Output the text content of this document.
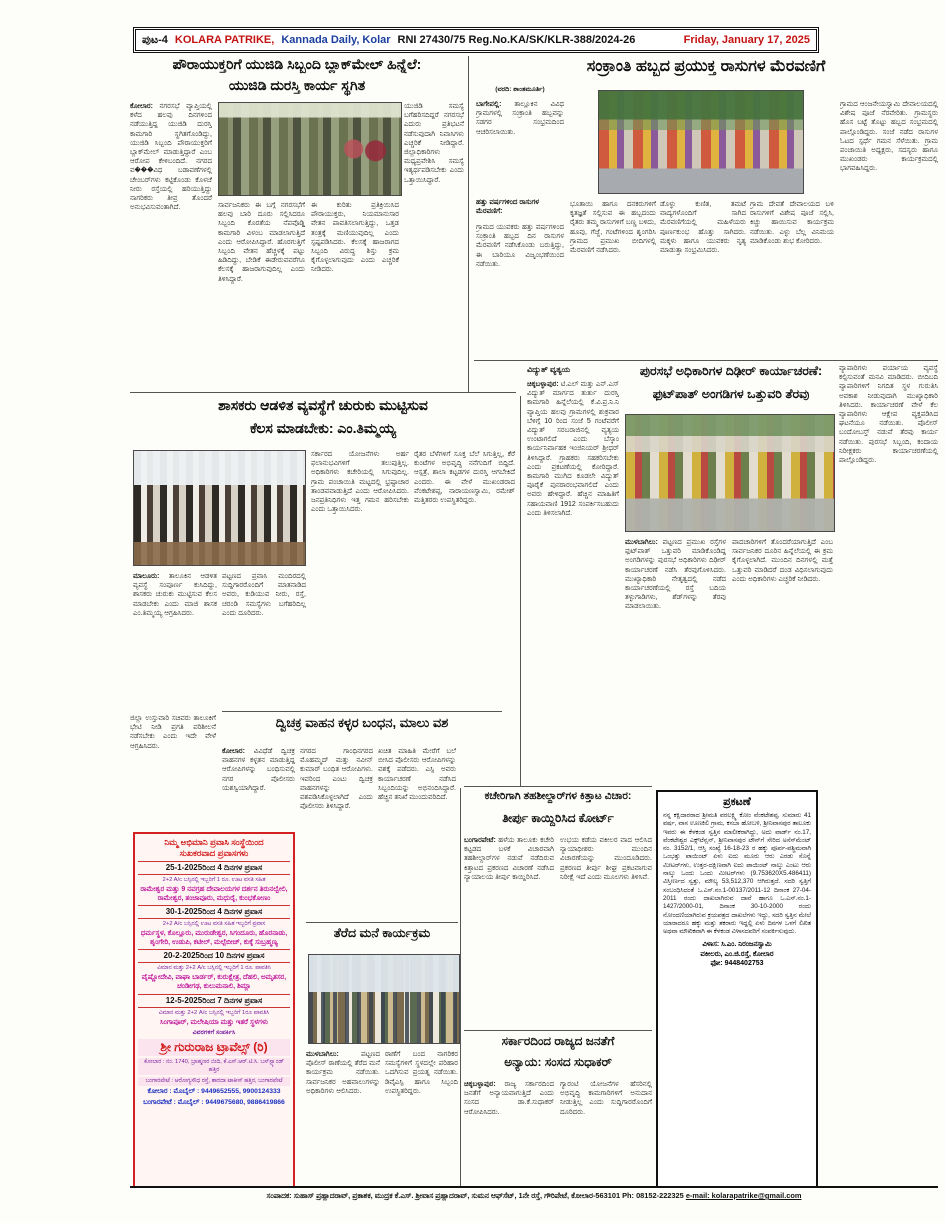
ಪುಟ-4 KOLARA PATRIKE, Kannada Daily, Kolar RNI 27430/75 Reg.No.KA/SK/KLR-388/2024-26	Friday, January 17, 2025
ಪೌರಾಯುಕ್ತರಿಗೆ ಯುಜಿಡಿ ಸಿಬ್ಬಂದಿ ಬ್ಲಾಕ್‌ಮೇಲ್ ಹಿನ್ನೆಲೆ:
ಯುಜಿಡಿ ದುರಸ್ತಿ ಕಾರ್ಯ ಸ್ಥಗಿತ
ಕೋಲಾರ: ನಗರಸಭೆ ವ್ಯಾಪ್ತಿಯಲ್ಲಿ ಕಳೆದ ಹಲವು ದಿನಗಳಿಂದ ನಡೆಯುತ್ತಿದ್ದ ಯುಜಿಡಿ ದುರಸ್ತಿ ಕಾಮಗಾರಿ ಸ್ಥಗಿತಗೊಂಡಿದ್ದು, ಯುಜಿಡಿ ಸಿಬ್ಬಂದಿ ಪೌರಾಯುಕ್ತರಿಗೆ ಬ್ಲಾಕ್‌ಮೇಲ್ ಮಾಡುತ್ತಿದ್ದಾರೆ ಎಂಬ ಆರೋಪ ಕೇಳಿಬಂದಿದೆ. ನಗರದ ವ���ವಿಧ ಬಡಾವಣೆಗಳಲ್ಲಿ ಚೇಂಬರ್‌ಗಳು ಕಟ್ಟಿಕೊಂಡು ಕೊಳಚೆ ನೀರು ರಸ್ತೆಯಲ್ಲಿ ಹರಿಯುತ್ತಿದ್ದು ನಾಗರಿಕರು ತೀವ್ರ ತೊಂದರೆ ಅನುಭವಿಸುವಂತಾಗಿದೆ.	ಸಾರ್ವಜನಿಕರು ಈ ಬಗ್ಗೆ ನಗರಸಭೆಗೆ ಹಲವು ಬಾರಿ ದೂರು ಸಲ್ಲಿಸಿದರೂ ಸಿಬ್ಬಂದಿ ಕೊರತೆಯ ನೆಪವೊಡ್ಡಿ ಕಾಮಗಾರಿ ವಿಳಂಬ ಮಾಡಲಾಗುತ್ತಿದೆ ಎಂದು ಆರೋಪಿಸಿದ್ದಾರೆ. ಹೊರಗುತ್ತಿಗೆ ಸಿಬ್ಬಂದಿ ವೇತನ ಹೆಚ್ಚಳಕ್ಕೆ ಪಟ್ಟು ಹಿಡಿದಿದ್ದು, ಬೇಡಿಕೆ ಈಡೇರುವವರೆಗೂ ಕೆಲಸಕ್ಕೆ ಹಾಜರಾಗುವುದಿಲ್ಲ ಎಂದು ತಿಳಿಸಿದ್ದಾರೆ.
ಈ ಕುರಿತು ಪ್ರತಿಕ್ರಿಯಿಸಿದ ಪೌರಾಯುಕ್ತರು, ನಿಯಮಾನುಸಾರ ವೇತನ ಪಾವತಿಸಲಾಗುತ್ತಿದ್ದು, ಒತ್ತಡ ತಂತ್ರಕ್ಕೆ ಮಣಿಯುವುದಿಲ್ಲ ಎಂದು ಸ್ಪಷ್ಟಪಡಿಸಿದರು. ಕೆಲಸಕ್ಕೆ ಹಾಜರಾಗದ ಸಿಬ್ಬಂದಿ ವಿರುದ್ಧ ಶಿಸ್ತು ಕ್ರಮ ಕೈಗೊಳ್ಳಲಾಗುವುದು ಎಂದು ಎಚ್ಚರಿಕೆ ನೀಡಿದರು.
ಯುಜಿಡಿ ಸಮಸ್ಯೆ ಬಗೆಹರಿಸದಿದ್ದರೆ ನಗರಸಭೆ ಎದುರು ಪ್ರತಿಭಟನೆ ನಡೆಸುವುದಾಗಿ ನಿವಾಸಿಗಳು ಎಚ್ಚರಿಕೆ ನೀಡಿದ್ದಾರೆ. ಜಿಲ್ಲಾಧಿಕಾರಿಗಳು ಮಧ್ಯಪ್ರವೇಶಿಸಿ ಸಮಸ್ಯೆ ಇತ್ಯರ್ಥಪಡಿಸಬೇಕು ಎಂದು ಒತ್ತಾಯಿಸಿದ್ದಾರೆ.
ಸಂಕ್ರಾಂತಿ ಹಬ್ಬದ ಪ್ರಯುಕ್ತ ರಾಸುಗಳ ಮೆರವಣಿಗೆ
(ವರದಿ: ಶಾಂತಮೂರ್ತಿ)
ಬಾಗೇಪಲ್ಲಿ: ತಾಲ್ಲೂಕಿನ ವಿವಿಧ ಗ್ರಾಮಗಳಲ್ಲಿ ಸಂಕ್ರಾಂತಿ ಹಬ್ಬವನ್ನು ಸಡಗರ ಸಂಭ್ರಮದಿಂದ ಆಚರಿಸಲಾಯಿತು.
ಹತ್ತು ವರ್ಷಗಳಿಂದ ರಾಸುಗಳ ಮೆರವಣಿಗೆ:
ಗ್ರಾಮದ ಯುವಕರು ಹತ್ತು ವರ್ಷಗಳಿಂದ ಸಂಕ್ರಾಂತಿ ಹಬ್ಬದ ದಿನ ರಾಸುಗಳ ಮೆರವಣಿಗೆ ನಡೆಸಿಕೊಂಡು ಬರುತ್ತಿದ್ದು, ಈ ಬಾರಿಯೂ ವಿಜೃಂಭಣೆಯಿಂದ ನಡೆಯಿತು.
ಭೂತಾಯಿ ಹಾಗೂ ದನಕರುಗಳಿಗೆ ಕೃತಜ್ಞತೆ ಸಲ್ಲಿಸುವ ಈ ಹಬ್ಬದಂದು ರೈತರು ತಮ್ಮ ರಾಸುಗಳಿಗೆ ಬಣ್ಣ ಬಳಿದು, ಹೂವು, ಗೆಜ್ಜೆ, ಗಂಟೆಗಳಿಂದ ಶೃಂಗರಿಸಿ ಗ್ರಾಮದ ಪ್ರಮುಖ ಬೀದಿಗಳಲ್ಲಿ ಮೆರವಣಿಗೆ ನಡೆಸಿದರು.
ಡೊಳ್ಳು ಕುಣಿತ, ತಮಟೆ ವಾದ್ಯಗಳೊಂದಿಗೆ ಸಾಗಿದ ಮೆರವಣಿಗೆಯಲ್ಲಿ ಮಹಿಳೆಯರು ಪೂರ್ಣಕುಂಭ ಹೊತ್ತು ಸಾಗಿದರು. ಮಕ್ಕಳು ಹಾಗೂ ಯುವಕರು ನೃತ್ಯ ಮಾಡುತ್ತಾ ಸಂಭ್ರಮಿಸಿದರು.
ಗ್ರಾಮ ದೇವತೆ ದೇವಾಲಯದ ಬಳಿ ರಾಸುಗಳಿಗೆ ವಿಶೇಷ ಪೂಜೆ ಸಲ್ಲಿಸಿ, ಕಿಚ್ಚು ಹಾಯಿಸುವ ಕಾರ್ಯಕ್ರಮ ನಡೆಯಿತು. ಎಳ್ಳು ಬೆಲ್ಲ ವಿನಿಮಯ ಮಾಡಿಕೊಂಡು ಶುಭ ಕೋರಿದರು.
ಗ್ರಾಮದ ಆಂಜನೇಯಸ್ವಾಮಿ ದೇವಾಲಯದಲ್ಲಿ ವಿಶೇಷ ಪೂಜೆ ನೆರವೇರಿತು. ಗ್ರಾಮಸ್ಥರು ಹೊಸ ಬಟ್ಟೆ ತೊಟ್ಟು ಹಬ್ಬದ ಸಂಭ್ರಮದಲ್ಲಿ ಪಾಲ್ಗೊಂಡಿದ್ದರು. ಸಂಜೆ ನಡೆದ ರಾಸುಗಳ ಓಟದ ಸ್ಪರ್ಧೆ ಗಮನ ಸೆಳೆಯಿತು. ಗ್ರಾಮ ಪಂಚಾಯಿತಿ ಅಧ್ಯಕ್ಷರು, ಸದಸ್ಯರು ಹಾಗೂ ಮುಖಂಡರು ಕಾರ್ಯಕ್ರಮದಲ್ಲಿ ಭಾಗವಹಿಸಿದ್ದರು.
ವಿದ್ಯುತ್ ವ್ಯತ್ಯಯ
ಚಿಕ್ಕಬಳ್ಳಾಪುರ: ಟಿ.ಎಲ್ ಮತ್ತು ಎನ್.ಎಸ್ ವಿದ್ಯುತ್ ಮಾರ್ಗದ ತುರ್ತು ದುರಸ್ತಿ ಕಾಮಗಾರಿ ಹಿನ್ನೆಲೆಯಲ್ಲಿ ಕೆ.ವಿ.ಪ್ರ.ನಿ.ನಿ ವ್ಯಾಪ್ತಿಯ ಹಲವು ಗ್ರಾಮಗಳಲ್ಲಿ ಶುಕ್ರವಾರ ಬೆಳಿಗ್ಗೆ 10 ರಿಂದ ಸಂಜೆ 5 ಗಂಟೆವರೆಗೆ ವಿದ್ಯುತ್ ಸರಬರಾಜಿನಲ್ಲಿ ವ್ಯತ್ಯಯ ಉಂಟಾಗಲಿದೆ ಎಂದು ಬೆಸ್ಕಾಂ ಕಾರ್ಯನಿರ್ವಾಹಕ ಇಂಜಿನಿಯರ್ ಶ್ರೀಧರ್ ತಿಳಿಸಿದ್ದಾರೆ. ಗ್ರಾಹಕರು ಸಹಕರಿಸಬೇಕು ಎಂದು ಪ್ರಕಟಣೆಯಲ್ಲಿ ಕೋರಿದ್ದಾರೆ. ಕಾಮಗಾರಿ ಮುಗಿದ ಕೂಡಲೇ ವಿದ್ಯುತ್ ಪೂರೈಕೆ ಪುನರಾರಂಭವಾಗಲಿದೆ ಎಂದು ಅವರು ಹೇಳಿದ್ದಾರೆ. ಹೆಚ್ಚಿನ ಮಾಹಿತಿಗೆ ಸಹಾಯವಾಣಿ 1912 ಸಂಪರ್ಕಿಸಬಹುದು ಎಂದು ತಿಳಿಸಲಾಗಿದೆ.
ಪುರಸಭೆ ಅಧಿಕಾರಿಗಳ ದಿಢೀರ್ ಕಾರ್ಯಾಚರಣೆ:
ಫುಟ್‌ಪಾತ್ ಅಂಗಡಿಗಳ ಒತ್ತುವರಿ ತೆರವು
ಮುಳಬಾಗಿಲು: ಪಟ್ಟಣದ ಪ್ರಮುಖ ರಸ್ತೆಗಳ ಫುಟ್‌ಪಾತ್ ಒತ್ತುವರಿ ಮಾಡಿಕೊಂಡಿದ್ದ ಅಂಗಡಿಗಳನ್ನು ಪುರಸಭೆ ಅಧಿಕಾರಿಗಳು ದಿಢೀರ್ ಕಾರ್ಯಾಚರಣೆ ನಡೆಸಿ ತೆರವುಗೊಳಿಸಿದರು. ಮುಖ್ಯಾಧಿಕಾರಿ ನೇತೃತ್ವದಲ್ಲಿ ನಡೆದ ಕಾರ್ಯಾಚರಣೆಯಲ್ಲಿ ರಸ್ತೆ ಬದಿಯ ತಳ್ಳುಗಾಡಿಗಳು, ಶೆಡ್‌ಗಳನ್ನು ತೆರವು ಮಾಡಲಾಯಿತು.
ಪಾದಚಾರಿಗಳಿಗೆ ತೊಂದರೆಯಾಗುತ್ತಿದೆ ಎಂಬ ಸಾರ್ವಜನಿಕರ ದೂರಿನ ಹಿನ್ನೆಲೆಯಲ್ಲಿ ಈ ಕ್ರಮ ಕೈಗೊಳ್ಳಲಾಗಿದೆ. ಮುಂದಿನ ದಿನಗಳಲ್ಲಿ ಮತ್ತೆ ಒತ್ತುವರಿ ಮಾಡಿದರೆ ದಂಡ ವಿಧಿಸಲಾಗುವುದು ಎಂದು ಅಧಿಕಾರಿಗಳು ಎಚ್ಚರಿಕೆ ನೀಡಿದರು.
ವ್ಯಾಪಾರಿಗಳು ಪರ್ಯಾಯ ವ್ಯವಸ್ಥೆ ಕಲ್ಪಿಸುವಂತೆ ಮನವಿ ಮಾಡಿದರು. ಬೀದಿಬದಿ ವ್ಯಾಪಾರಿಗಳಿಗೆ ನಿಗದಿತ ಸ್ಥಳ ಗುರುತಿಸಿ ಅವಕಾಶ ನೀಡುವುದಾಗಿ ಮುಖ್ಯಾಧಿಕಾರಿ ತಿಳಿಸಿದರು. ಕಾರ್ಯಾಚರಣೆ ವೇಳೆ ಕೆಲ ವ್ಯಾಪಾರಿಗಳು ಆಕ್ಷೇಪ ವ್ಯಕ್ತಪಡಿಸಿದ ಘಟನೆಯೂ ನಡೆಯಿತು. ಪೊಲೀಸ್ ಬಂದೋಬಸ್ತ್ ನಡುವೆ ತೆರವು ಕಾರ್ಯ ನಡೆಯಿತು. ಪುರಸಭೆ ಸಿಬ್ಬಂದಿ, ಕಂದಾಯ ನಿರೀಕ್ಷಕರು ಕಾರ್ಯಾಚರಣೆಯಲ್ಲಿ ಪಾಲ್ಗೊಂಡಿದ್ದರು.
ಶಾಸಕರು ಆಡಳಿತ ವ್ಯವಸ್ಥೆಗೆ ಚುರುಕು ಮುಟ್ಟಿಸುವ
ಕೆಲಸ ಮಾಡಬೇಕು: ಎಂ.ತಿಮ್ಮಯ್ಯ
ಮಾಲೂರು: ತಾಲೂಕಿನ ಆಡಳಿತ ವ್ಯವಸ್ಥೆ ಸಂಪೂರ್ಣ ಕುಸಿದಿದ್ದು, ಶಾಸಕರು ಚುರುಕು ಮುಟ್ಟಿಸುವ ಕೆಲಸ ಮಾಡಬೇಕು ಎಂದು ಮಾಜಿ ಶಾಸಕ ಎಂ.ತಿಮ್ಮಯ್ಯ ಆಗ್ರಹಿಸಿದರು.
ಪಟ್ಟಣದ ಪ್ರವಾಸಿ ಮಂದಿರದಲ್ಲಿ ಸುದ್ದಿಗಾರರೊಂದಿಗೆ ಮಾತನಾಡಿದ ಅವರು, ಕುಡಿಯುವ ನೀರು, ರಸ್ತೆ, ಚರಂಡಿ ಸಮಸ್ಯೆಗಳು ಬಗೆಹರಿದಿಲ್ಲ ಎಂದು ದೂರಿದರು.
ಸರ್ಕಾರದ ಯೋಜನೆಗಳು ಅರ್ಹ ಫಲಾನುಭವಿಗಳಿಗೆ ತಲುಪುತ್ತಿಲ್ಲ. ಅಧಿಕಾರಿಗಳು ಕಚೇರಿಯಲ್ಲಿ ಸಿಗುವುದಿಲ್ಲ. ಗ್ರಾಮ ಪಂಚಾಯಿತಿ ಮಟ್ಟದಲ್ಲಿ ಭ್ರಷ್ಟಾಚಾರ ತಾಂಡವವಾಡುತ್ತಿದೆ ಎಂದು ಆರೋಪಿಸಿದರು. ಜನಪ್ರತಿನಿಧಿಗಳು ಇತ್ತ ಗಮನ ಹರಿಸಬೇಕು ಎಂದು ಒತ್ತಾಯಿಸಿದರು.
ರೈತರ ಬೆಳೆಗಳಿಗೆ ಸೂಕ್ತ ಬೆಲೆ ಸಿಗುತ್ತಿಲ್ಲ, ಕೆರೆ ಕುಂಟೆಗಳ ಅಭಿವೃದ್ಧಿ ನನೆಗುದಿಗೆ ಬಿದ್ದಿದೆ. ಆಸ್ಪತ್ರೆ, ಶಾಲಾ ಕಟ್ಟಡಗಳ ದುರಸ್ತಿ ಆಗಬೇಕಿದೆ ಎಂದರು. ಈ ವೇಳೆ ಮುಖಂಡರಾದ ವೆಂಕಟೇಶಪ್ಪ, ನಾರಾಯಣಸ್ವಾಮಿ, ರಮೇಶ್ ಮತ್ತಿತರರು ಉಪಸ್ಥಿತರಿದ್ದರು.
ಜಿಲ್ಲಾ ಉಸ್ತುವಾರಿ ಸಚಿವರು ತಾಲೂಕಿಗೆ ಭೇಟಿ ನೀಡಿ ಪ್ರಗತಿ ಪರಿಶೀಲನೆ ನಡೆಸಬೇಕು ಎಂದು ಇದೇ ವೇಳೆ ಆಗ್ರಹಿಸಿದರು.
ದ್ವಿಚಕ್ರ ವಾಹನ ಕಳ್ಳರ ಬಂಧನ, ಮಾಲು ವಶ
ಕೋಲಾರ: ವಿವಿಧೆಡೆ ದ್ವಿಚಕ್ರ ವಾಹನಗಳ ಕಳ್ಳತನ ಮಾಡುತ್ತಿದ್ದ ಆರೋಪಿಗಳನ್ನು ಬಂಧಿಸುವಲ್ಲಿ ನಗರ ಪೊಲೀಸರು ಯಶಸ್ವಿಯಾಗಿದ್ದಾರೆ.
ನಗರದ ಗಾಂಧಿನಗರದ ಮೊಹಮ್ಮದ್ ಮತ್ತು ನವೀನ್ ಕುಮಾರ್ ಬಂಧಿತ ಆರೋಪಿಗಳು. ಇವರಿಂದ ಎಂಟು ದ್ವಿಚಕ್ರ ವಾಹನಗಳನ್ನು ವಶಪಡಿಸಿಕೊಳ್ಳಲಾಗಿದೆ ಎಂದು ಪೊಲೀಸರು ತಿಳಿಸಿದ್ದಾರೆ.
ಖಚಿತ ಮಾಹಿತಿ ಮೇರೆಗೆ ಬಲೆ ಬೀಸಿದ ಪೊಲೀಸರು ಆರೋಪಿಗಳನ್ನು ವಶಕ್ಕೆ ಪಡೆದರು. ಎಸ್ಪಿ ಅವರು ಕಾರ್ಯಾಚರಣೆ ನಡೆಸಿದ ಸಿಬ್ಬಂದಿಯನ್ನು ಅಭಿನಂದಿಸಿದ್ದಾರೆ. ಹೆಚ್ಚಿನ ತನಿಖೆ ಮುಂದುವರಿದಿದೆ.
ತೆರೆದ ಮನೆ ಕಾರ್ಯಕ್ರಮ
ಮುಳಬಾಗಿಲು:	ಪಟ್ಟಣದ ಪೊಲೀಸ್ ಠಾಣೆಯಲ್ಲಿ ತೆರೆದ ಮನೆ ಕಾರ್ಯಕ್ರಮ ನಡೆಯಿತು. ಸಾರ್ವಜನಿಕರ ಅಹವಾಲುಗಳನ್ನು ಅಧಿಕಾರಿಗಳು ಆಲಿಸಿದರು.
ಠಾಣೆಗೆ ಬಂದ ನಾಗರಿಕರ ಸಮಸ್ಯೆಗಳಿಗೆ ಸ್ಥಳದಲ್ಲೇ ಪರಿಹಾರ ಒದಗಿಸುವ ಪ್ರಯತ್ನ ನಡೆಯಿತು. ಡಿವೈಎಸ್ಪಿ ಹಾಗೂ ಸಿಬ್ಬಂದಿ ಉಪಸ್ಥಿತರಿದ್ದರು.
ಕಚೇರಿಗಾಗಿ ತಹಶೀಲ್ದಾರ್‌ಗಳ ಕಿತ್ತಾಟ ವಿಚಾರ:
ತೀರ್ಪು ಕಾಯ್ದಿರಿಸಿದ ಕೋರ್ಟ್
ಬಂಗಾರಪೇಟೆ: ಹಳೆಯ ತಾಲೂಕು ಕಚೇರಿ ಕಟ್ಟಡದ ಬಳಕೆ ವಿಚಾರವಾಗಿ ತಹಶೀಲ್ದಾರ್‌ಗಳ ನಡುವೆ ನಡೆದಿರುವ ಕಿತ್ತಾಟದ ಪ್ರಕರಣದ ವಿಚಾರಣೆ ನಡೆಸಿದ ನ್ಯಾಯಾಲಯ ತೀರ್ಪು ಕಾಯ್ದಿರಿಸಿದೆ.
ಉಭಯ ಕಡೆಯ ವಕೀಲರ ವಾದ ಆಲಿಸಿದ ನ್ಯಾಯಾಧೀಶರು ಮುಂದಿನ ವಿಚಾರಣೆಯನ್ನು ಮುಂದೂಡಿದರು. ಪ್ರಕರಣದ ತೀರ್ಪು ಶೀಘ್ರ ಪ್ರಕಟವಾಗುವ ನಿರೀಕ್ಷೆ ಇದೆ ಎಂದು ಮೂಲಗಳು ತಿಳಿಸಿವೆ.
ಸರ್ಕಾರದಿಂದ ರಾಜ್ಯದ ಜನತೆಗೆ
ಅನ್ಯಾಯ: ಸಂಸದ ಸುಧಾಕರ್
ಚಿಕ್ಕಬಳ್ಳಾಪುರ: ರಾಜ್ಯ ಸರ್ಕಾರದಿಂದ ಜನತೆಗೆ ಅನ್ಯಾಯವಾಗುತ್ತಿದೆ ಎಂದು ಸಂಸದ ಡಾ.ಕೆ.ಸುಧಾಕರ್ ಆರೋಪಿಸಿದರು.
ಗ್ಯಾರಂಟಿ ಯೋಜನೆಗಳ ಹೆಸರಿನಲ್ಲಿ ಅಭಿವೃದ್ಧಿ ಕಾಮಗಾರಿಗಳಿಗೆ ಅನುದಾನ ನೀಡುತ್ತಿಲ್ಲ ಎಂದು ಸುದ್ದಿಗಾರರೊಂದಿಗೆ ದೂರಿದರು.
ನಿಮ್ಮ ಅಭಿಮಾನಿ ಪ್ರವಾಸಿ ಸಂಸ್ಥೆಯಿಂದ
ಸುಖಕರವಾದ ಪ್ರವಾಸಗಳು
25-1-2025ರಿಂದ 4 ದಿನಗಳ ಪ್ರವಾಸ
2+2 A/c ಬಸ್ಸಿನಲ್ಲಿ ಇಬ್ಬರಿಗೆ 1 ರೂ. ಊಟ ವಸತಿ ಸಹಿತ
ರಾಮೇಶ್ವರ ಮತ್ತು 9 ನವಗ್ರಹ ದೇವಾಲಯಗಳ ದರ್ಶನ ತಿರುನಲ್ವೇಲಿ, ರಾಮೇಶ್ವರ, ತಂಜಾವೂರು, ಮಧುರೈ, ಕುಂಭಕೋಣಂ
30-1-2025ರಿಂದ 4 ದಿನಗಳ ಪ್ರವಾಸ
2+2 A/c ಬಸ್ಸಿನಲ್ಲಿ ಊಟ ವಸತಿ ಸಹಿತ ಇಬ್ಬರಿಗೆ ಪ್ರವಾಸ
ಧರ್ಮಸ್ಥಳ, ಕೊಲ್ಲೂರು, ಮುರುಡೇಶ್ವರ, ಸಿಗಂದೂರು, ಹೊರನಾಡು, ಶೃಂಗೇರಿ, ಉಡುಪಿ, ಕಟೀಲ್, ಮಲ್ಪೆಬೀಚ್, ಕುಕ್ಕೆ ಸುಬ್ರಹ್ಮಣ್ಯ
20-2-2025ರಿಂದ 10 ದಿನಗಳ ಪ್ರವಾಸ
ವಿಮಾನ ಮತ್ತು 2+2 A/c ಬಸ್ಸಿನಲ್ಲಿ ಇಬ್ಬರಿಗೆ 1 ರೂ. ಪಾವತಿಸಿ
ವೈಷ್ಣೋದೇವಿ, ವಾಘಾ ಬಾರ್ಡರ್, ಕುರುಕ್ಷೇತ್ರ, ದೆಹಲಿ, ಅಮೃತಸರ, ಚಂಡೀಗಢ, ಕುಲುಮನಾಲಿ, ಶಿಮ್ಲಾ
12-5-2025ರಿಂದ 7 ದಿನಗಳ ಪ್ರವಾಸ
ವಿಮಾನ ಮತ್ತು 2+2 A/c ಬಸ್ಸಿನಲ್ಲಿ ಇಬ್ಬರಿಗೆ 1ರೂ ಪಾವತಿಸಿ
ಸಿಂಗಾಪೂರ್, ಮಲೇಷಿಯಾ ಮತ್ತು ಇತರೆ ಸ್ಥಳಗಳು
ವಿವರಗಳಿಗೆ ಸಂಪರ್ಕಿಸಿ
ಶ್ರೀ ಗುರುರಾಜ ಟ್ರಾವೆಲ್ಸ್ (ರಿ)
ಕೋಲಾರ : ನಂ. 1740, ಬ್ರಾಹ್ಮಣರ ಬೀದಿ, ಕೆ.ಎಸ್.ಆರ್.ಟಿ.ಸಿ. ಬಸ್‌ಸ್ಟ್ಯಾಂಡ್ ಹತ್ತಿರ
ಬಂಗಾರಪೇಟೆ : ಆರೋಗ್ಯಸೌಧ ರಸ್ತೆ, ಶಾರದಾ ಟಾಕೀಸ್ ಹತ್ತಿರ, ಬಂಗಾರಪೇಟೆ
ಕೋಲಾರ : ಮೊಬೈಲ್ : 9449652555, 9900124333
ಬಂಗಾರಪೇಟೆ : ಮೊಬೈಲ್ : 9449675680, 9886419866
ಪ್ರಕಟಣೆ
ನನ್ನ ಕಕ್ಷಿದಾರರಾದ ಶ್ರೀಮತಿ ವರಲಕ್ಷ್ಮಿ ಕೋಂ ವೆಂಕಟೇಶಪ್ಪ, ಸುಮಾರು 41 ವರ್ಷ, ವಾಸ ಊಣಕಿಲಿ ಗ್ರಾಮ, ಕಸಬಾ ಹೋಬಳಿ, ಶ್ರೀನಿವಾಸಪುರ ತಾಲೂಕು ಇವರು ಈ ಕೆಳಕಂಡ ಸ್ವತ್ತಿನ ಮಾಲೀಕರಾಗಿದ್ದು, ಅದು ವಾರ್ಡ್ ನಂ.17, ವೆಂಕಟೇಶ್ವರ ಎಕ್ಸ್‌ಟೆನ್ಷನ್, ಶ್ರೀನಿವಾಸಪುರ ಟೌನ್‌ಗೆ ಸೇರಿದ ಅಸೆಸ್‌ಮೆಂಟ್ ನಂ. 3152/1, ಆಸ್ತಿ ಸಂಖ್ಯೆ 16-18-23 ರ ಹಕ್ಕು ಪೂರ್ವ-ಪಶ್ಚಿಮವಾಗಿ ಒಂಭತ್ತು ಪಾಯಿಂಟ್ ಏಳು ಐದು ಮೂರು ಆರು ಎರಡು ಸೊನ್ನೆ ಮೀಟರ್‌ಗಳು, ಉತ್ತರ-ದಕ್ಷಿಣವಾಗಿ ಐದು ಪಾಯಿಂಟ್ ನಾಲ್ಕು ಎಂಟು ಆರು ನಾಲ್ಕು ಒಂದು ಒಂದು ಮೀಟರ್‌ಗಳು (9.753620X5.486411) ವಿಸ್ತೀರ್ಣದ ಸ್ವತ್ತು, ಮೌಲ್ಯ 53,512,370 ಆಗಿರುತ್ತದೆ. ಸದರಿ ಸ್ವತ್ತಿಗೆ ಸಂಬಂಧಿಸಿದಂತೆ ಒ.ಎಸ್.ನಂ.1-00137/2011-12 ದಿನಾಂಕ 27-04-2011 ರಂದು ದಾಖಲಾಗಿರುವ ದಾವೆ ಹಾಗೂ ಒ.ಎಸ್.ನಂ.1-1427/2000-01, ದಿನಾಂಕ 30-10-2000 ರಂದು ನೋಂದಣಿಯಾಗಿರುವ ಕ್ರಯಪತ್ರದ ದಾಖಲೆಗಳು ಇದ್ದು, ಸದರಿ ಸ್ವತ್ತಿನ ಮೇಲೆ ಯಾರಾದರೂ ಹಕ್ಕು ಮತ್ತು ತಕರಾರು ಇದ್ದಲ್ಲಿ ಏಳು ದಿನಗಳ ಒಳಗೆ ಲಿಖಿತ ಅಥವಾ ಮೌಖಿಕವಾಗಿ ಈ ಕೆಳಕಂಡ ವಿಳಾಸದವರಿಗೆ ಸಂಪರ್ಕಿಸುವುದು.
ವಿಳಾಸ: ಸಿ.ಎಂ. ನಿರಂಜನಸ್ವಾಮಿ
ವಕೀಲರು, ಎಂ.ಜಿ.ರಸ್ತೆ, ಕೋಲಾರ
ಫೋ: 9448402753
ಸಂಪಾದಕ: ಸುಹಾಸ್ ಪ್ರಹ್ಲಾದರಾವ್, ಪ್ರಕಾಶಕ, ಮುದ್ರಕ ಕೆ.ಎಸ್. ಶ್ರೀವಾಸ ಪ್ರಹ್ಲಾದರಾವ್, ಸುಮನ ಆಫ್‌ಸೆಟ್, 1ನೇ ರಸ್ತೆ, ಗೌರಿಪೇಟೆ, ಕೋಲಾರ-563101 Ph: 08152-222325 e-mail: kolarapatrike@gmail.com
